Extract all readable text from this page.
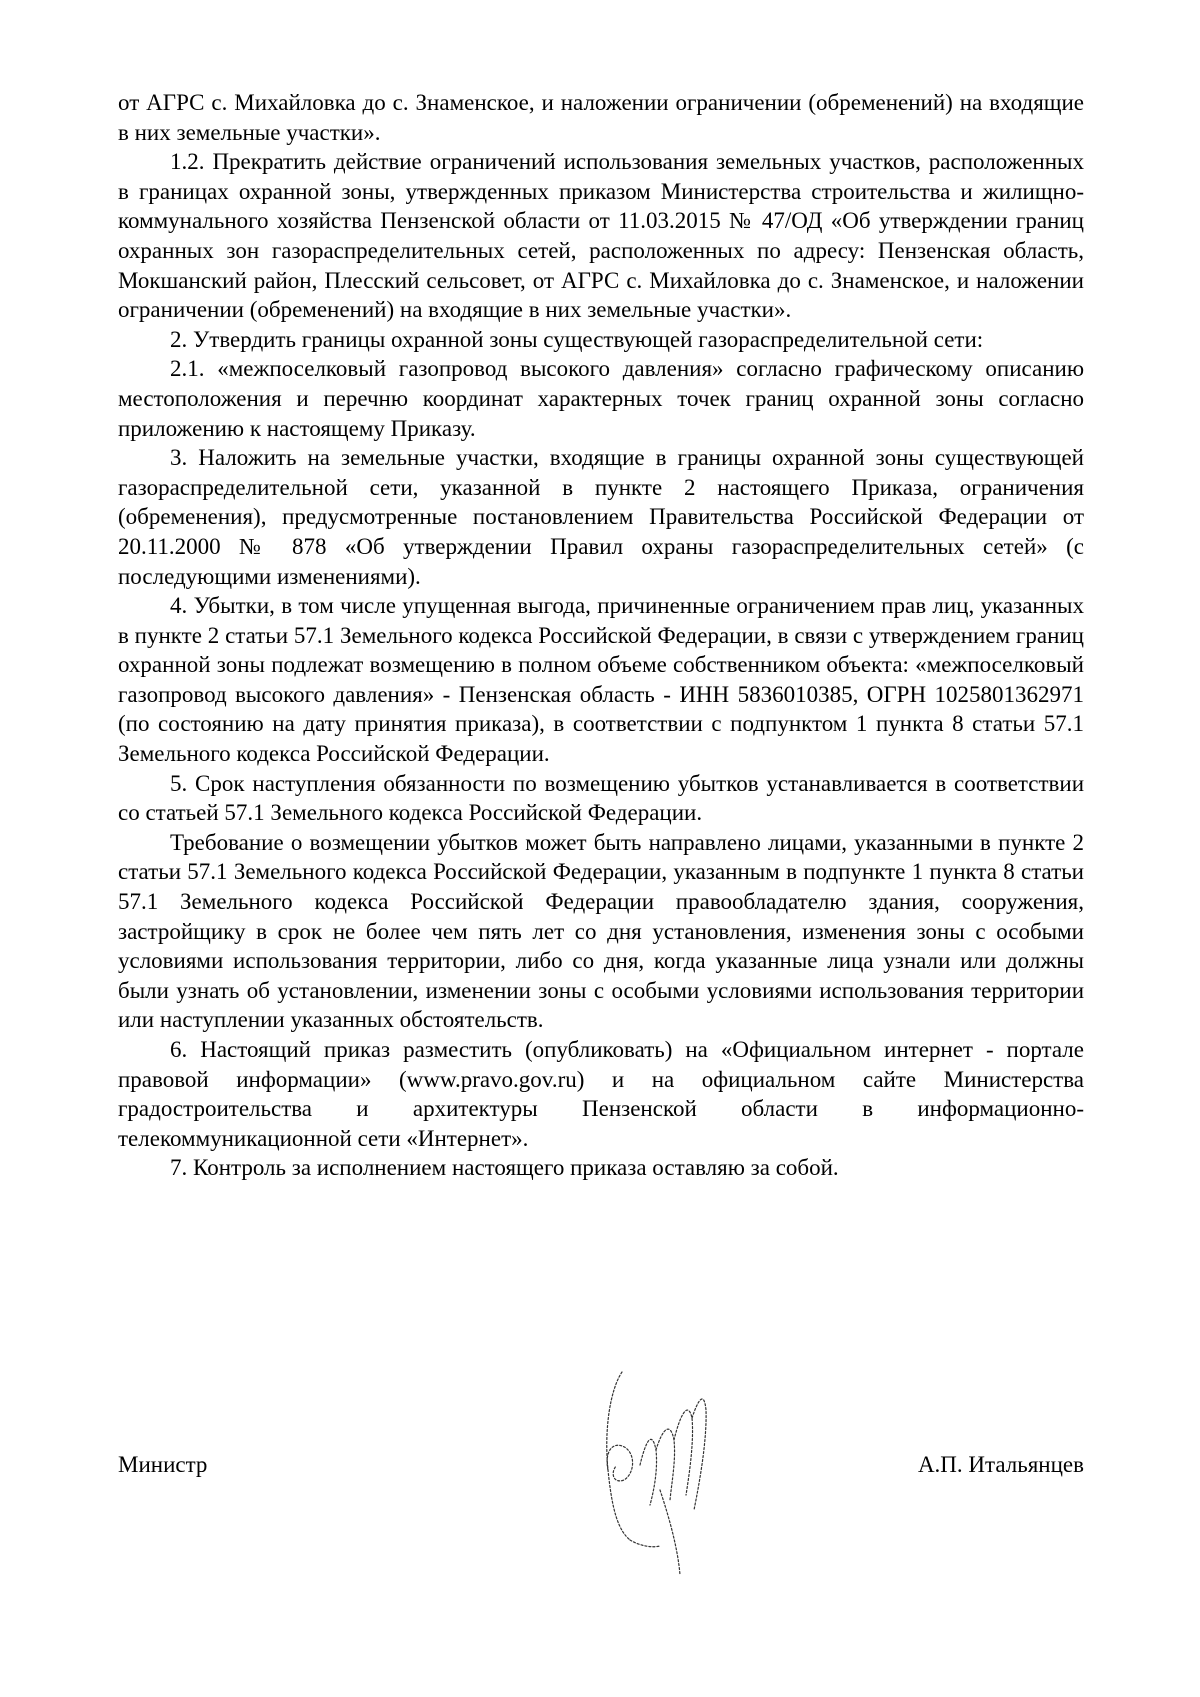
от АГРС с. Михайловка до с. Знаменское, и наложении ограничении (обременений) на входящие в них земельные участки».

1.2. Прекратить действие ограничений использования земельных участков, расположенных в границах охранной зоны, утвержденных приказом Министерства строительства и жилищно-коммунального хозяйства Пензенской области от 11.03.2015 № 47/ОД «Об утверждении границ охранных зон газораспределительных сетей, расположенных по адресу: Пензенская область, Мокшанский район, Плесский сельсовет, от АГРС с. Михайловка до с. Знаменское, и наложении ограничении (обременений) на входящие в них земельные участки».

2. Утвердить границы охранной зоны существующей газораспределительной сети:

2.1. «межпоселковый газопровод высокого давления» согласно графическому описанию местоположения и перечню координат характерных точек границ охранной зоны согласно приложению к настоящему Приказу.

3. Наложить на земельные участки, входящие в границы охранной зоны существующей газораспределительной сети, указанной в пункте 2 настоящего Приказа, ограничения (обременения), предусмотренные постановлением Правительства Российской Федерации от 20.11.2000 № 878 «Об утверждении Правил охраны газораспределительных сетей» (с последующими изменениями).

4. Убытки, в том числе упущенная выгода, причиненные ограничением прав лиц, указанных в пункте 2 статьи 57.1 Земельного кодекса Российской Федерации, в связи с утверждением границ охранной зоны подлежат возмещению в полном объеме собственником объекта: «межпоселковый газопровод высокого давления» - Пензенская область - ИНН 5836010385, ОГРН 1025801362971 (по состоянию на дату принятия приказа), в соответствии с подпунктом 1 пункта 8 статьи 57.1 Земельного кодекса Российской Федерации.

5. Срок наступления обязанности по возмещению убытков устанавливается в соответствии со статьей 57.1 Земельного кодекса Российской Федерации.

Требование о возмещении убытков может быть направлено лицами, указанными в пункте 2 статьи 57.1 Земельного кодекса Российской Федерации, указанным в подпункте 1 пункта 8 статьи 57.1 Земельного кодекса Российской Федерации правообладателю здания, сооружения, застройщику в срок не более чем пять лет со дня установления, изменения зоны с особыми условиями использования территории, либо со дня, когда указанные лица узнали или должны были узнать об установлении, изменении зоны с особыми условиями использования территории или наступлении указанных обстоятельств.

6. Настоящий приказ разместить (опубликовать) на «Официальном интернет - портале правовой информации» (www.pravo.gov.ru) и на официальном сайте Министерства градостроительства и архитектуры Пензенской области в информационно-телекоммуникационной сети «Интернет».

7. Контроль за исполнением настоящего приказа оставляю за собой.

Министр	А.П. Итальянцев
